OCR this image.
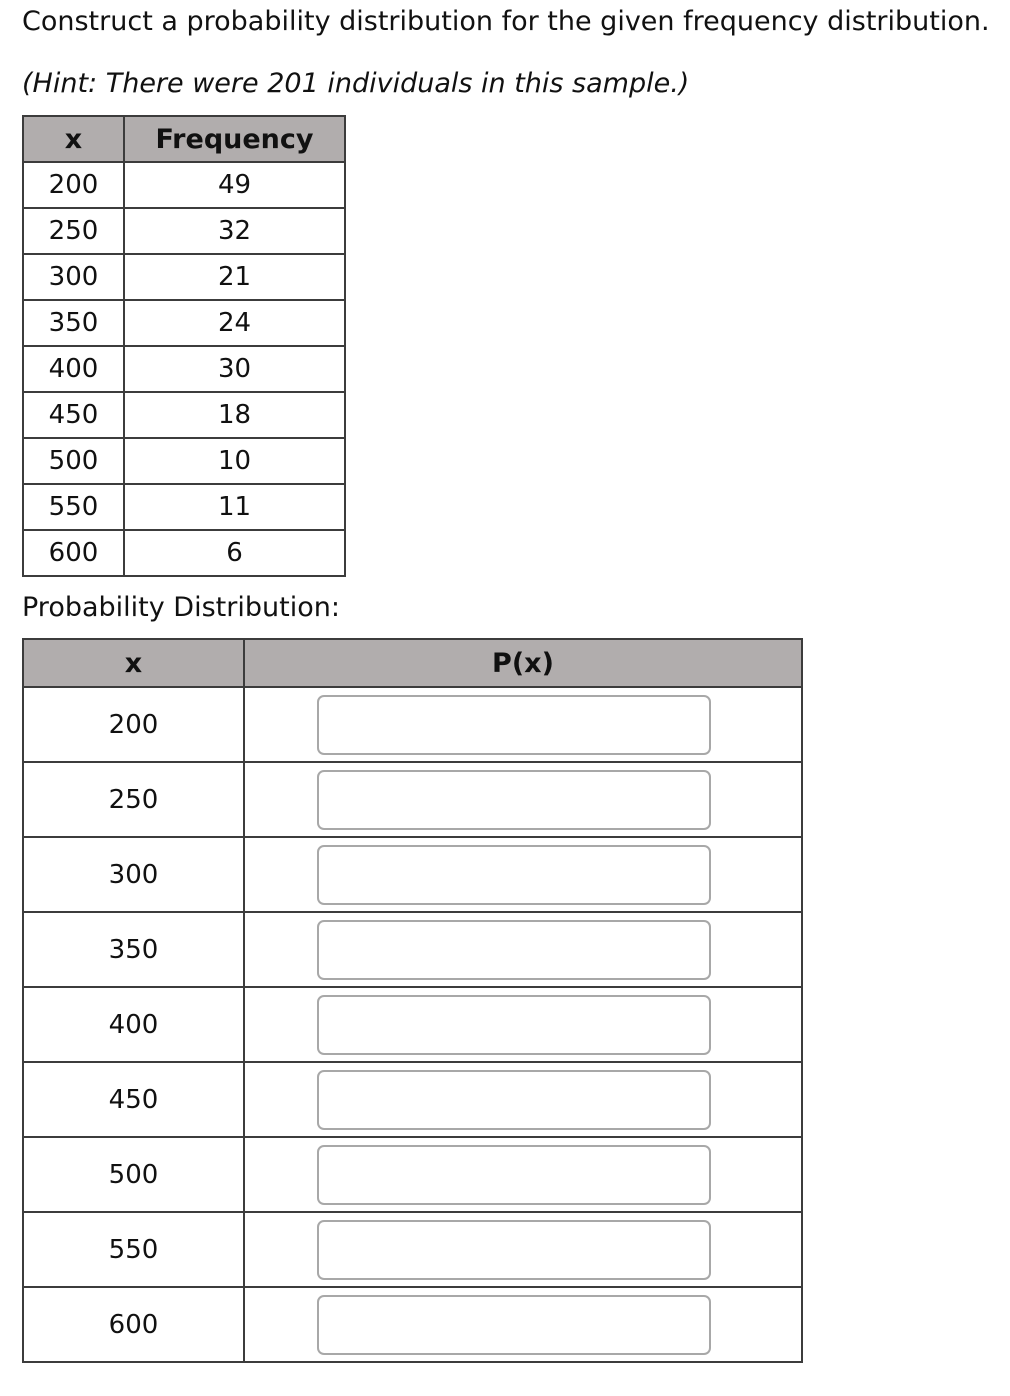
Construct a probability distribution for the given frequency distribution.
(Hint: There were 201 individuals in this sample.)
x	Frequency
200	49
250	32
300	21
350	24
400	30
450	18
500	10
550	11
600	6
Probability Distribution:
x	P(x)
200	

250	

300	

350	

400	

450	

500	

550	

600	
